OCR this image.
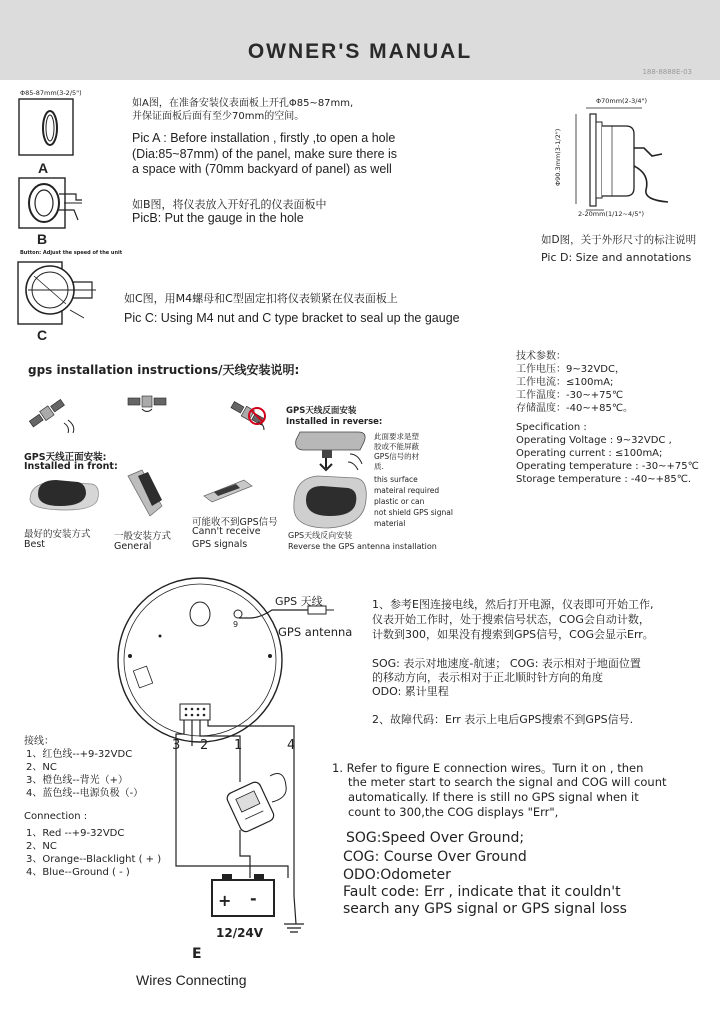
OWNER'S MANUAL
188-8888E-03
Φ85-87mm(3-2/5")
A
B
Button: Adjust the speed of the unit
C
如A图，在准备安装仪表面板上开孔Φ85~87mm,
并保证面板后面有至少70mm的空间。
Pic A : Before installation , firstly ,to open a hole
(Dia:85~87mm) of the panel, make sure there is
a space with (70mm backyard of panel) as well
如B图，将仪表放入开好孔的仪表面板中
PicB: Put the gauge in the hole
如C图，用M4螺母和C型固定扣将仪表锁紧在仪表面板上
Pic C: Using M4 nut and C type bracket to seal up the gauge
Φ70mm(2-3/4")
Φ90.3mm(3-1/2")
2-20mm(1/12~4/5")
如D图，关于外形尺寸的标注说明
Pic D: Size and annotations
gps installation instructions/天线安装说明:
GPS天线反面安装
Installed in reverse:
此面要求是塑
胶或不能屏蔽
GPS信号的材
质.
this surface
mateiral required
plastic or can
not shield GPS signal
material
GPS天线正面安装:
Installed in front:
最好的安装方式
Best
一般安装方式
General
可能收不到GPS信号
Cann't receive
GPS signals
GPS天线反向安装
Reverse the GPS antenna installation
技术参数：
工作电压：9~32VDC，
工作电流：≤100mA;
工作温度：-30~+75℃
存储温度：-40~+85℃。
Specification :
Operating Voltage : 9~32VDC ,
Operating current : ≤100mA;
Operating temperature : -30~+75℃
Storage temperature : -40~+85℃.
GPS 天线
GPS antenna
9
3 2 1	4
+ -
12/24V
E
Wires Connecting
接线：
1、红色线--+9-32VDC
2、NC
3、橙色线--背光（+）
4、蓝色线--电源负极（-）
Connection :
1、Red --+9-32VDC
2、NC
3、Orange--Blacklight ( + )
4、Blue--Ground ( - )
1、参考E图连接电线，然后打开电源，仪表即可开始工作,
仪表开始工作时，处于搜索信号状态，COG会自动计数，
计数到300，如果没有搜索到GPS信号，COG会显示Err。
SOG: 表示对地速度-航速； COG: 表示相对于地面位置
的移动方向，表示相对于正北顺时针方向的角度
ODO: 累计里程
2、故障代码：Err 表示上电后GPS搜索不到GPS信号.
1. Refer to figure E connection wires。Turn it on , then
the meter start to search the signal and COG will count
automatically. If there is still no GPS signal when it
count to 300,the COG displays "Err",
SOG:Speed Over Ground;
COG: Course Over Ground
ODO:Odometer
Fault code: Err , indicate that it couldn't
search any GPS signal or GPS signal loss
